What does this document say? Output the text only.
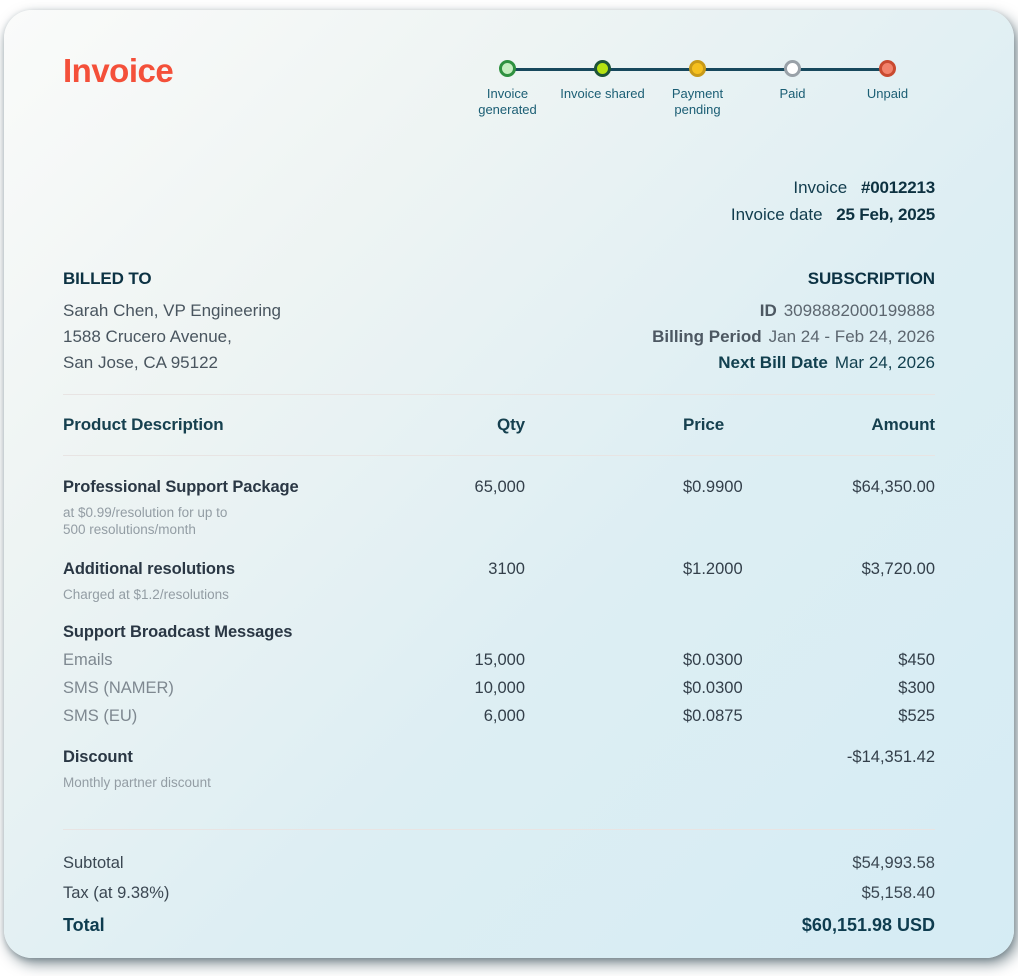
Invoice
Invoice generated
Invoice shared	Payment pending
Paid	Unpaid
Invoice #0012213
Invoice date 25 Feb, 2025
BILLED TO
Sarah Chen, VP Engineering
1588 Crucero Avenue,
San Jose, CA 95122
SUBSCRIPTION
ID 3098882000199888
Billing Period Jan 24 - Feb 24, 2026
Next Bill Date Mar 24, 2026
Product Description	Qty	Price	Amount
Professional Support Package
at $0.99/resolution for up to
500 resolutions/month
65,000	$0.9900	$64,350.00
Additional resolutions
Charged at $1.2/resolutions
3100	$1.2000	$3,720.00
Support Broadcast Messages
Emails	15,000	$0.0300	$450
SMS (NAMER)	10,000	$0.0300	$300
SMS (EU)	6,000	$0.0875	$525
Discount
Monthly partner discount
-$14,351.42
Subtotal	$54,993.58
Tax (at 9.38%)	$5,158.40
Total	$60,151.98 USD
